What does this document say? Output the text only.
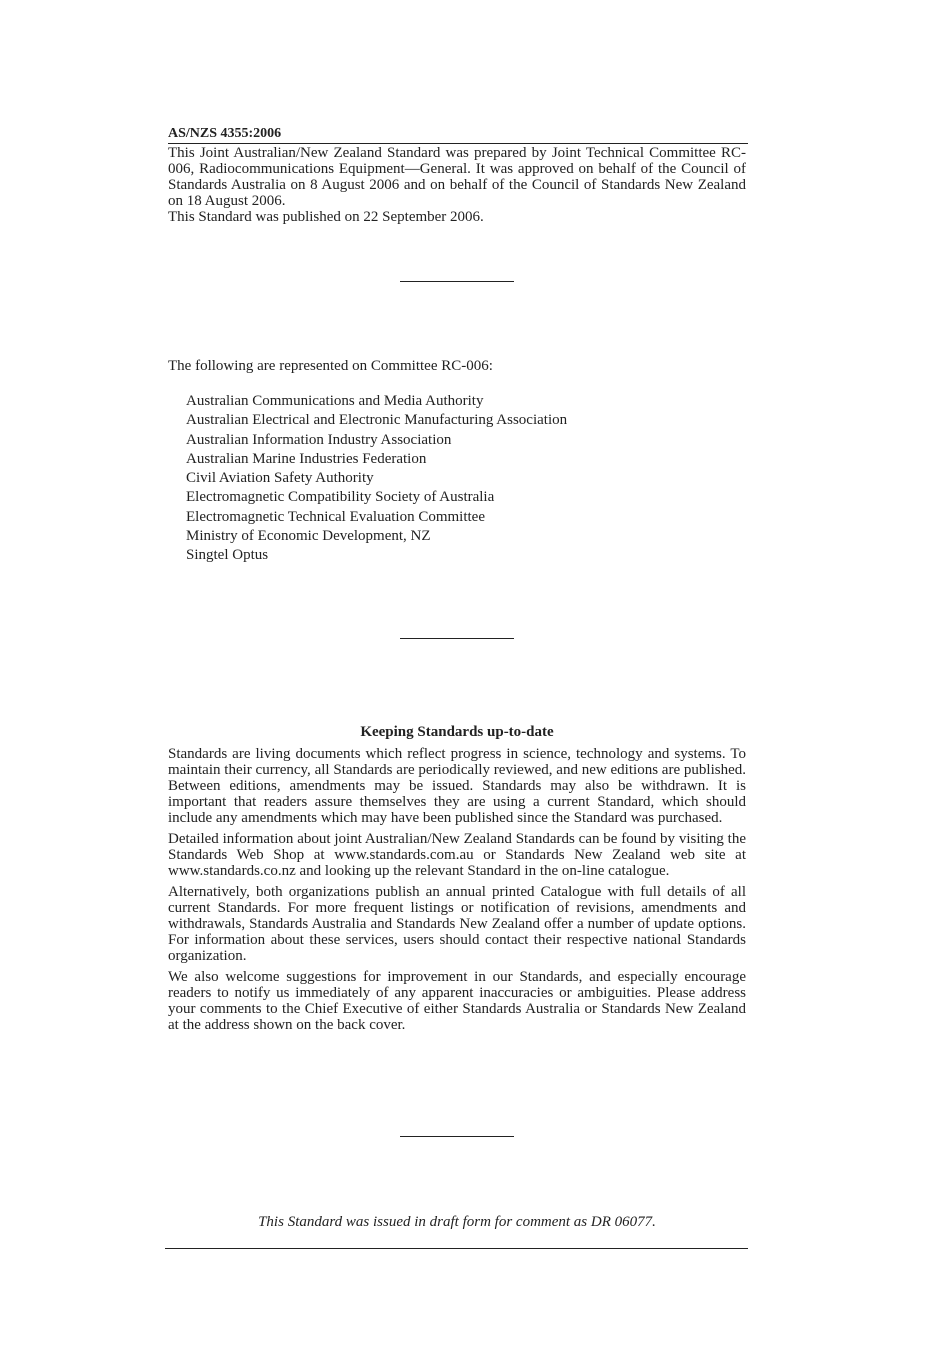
AS/NZS 4355:2006

This Joint Australian/New Zealand Standard was prepared by Joint Technical Committee RC-006, Radiocommunications Equipment—General. It was approved on behalf of the Council of Standards Australia on 8 August 2006 and on behalf of the Council of Standards New Zealand on 18 August 2006.

This Standard was published on 22 September 2006.

The following are represented on Committee RC-006:

Australian Communications and Media Authority
Australian Electrical and Electronic Manufacturing Association
Australian Information Industry Association
Australian Marine Industries Federation
Civil Aviation Safety Authority
Electromagnetic Compatibility Society of Australia
Electromagnetic Technical Evaluation Committee
Ministry of Economic Development, NZ
Singtel Optus
Keeping Standards up-to-date

Standards are living documents which reflect progress in science, technology and systems. To maintain their currency, all Standards are periodically reviewed, and new editions are published. Between editions, amendments may be issued. Standards may also be withdrawn. It is important that readers assure themselves they are using a current Standard, which should include any amendments which may have been published since the Standard was purchased.

Detailed information about joint Australian/New Zealand Standards can be found by visiting the Standards Web Shop at www.standards.com.au or Standards New Zealand web site at www.standards.co.nz and looking up the relevant Standard in the on-line catalogue.

Alternatively, both organizations publish an annual printed Catalogue with full details of all current Standards. For more frequent listings or notification of revisions, amendments and withdrawals, Standards Australia and Standards New Zealand offer a number of update options. For information about these services, users should contact their respective national Standards organization.

We also welcome suggestions for improvement in our Standards, and especially encourage readers to notify us immediately of any apparent inaccuracies or ambiguities. Please address your comments to the Chief Executive of either Standards Australia or Standards New Zealand at the address shown on the back cover.

This Standard was issued in draft form for comment as DR 06077.
